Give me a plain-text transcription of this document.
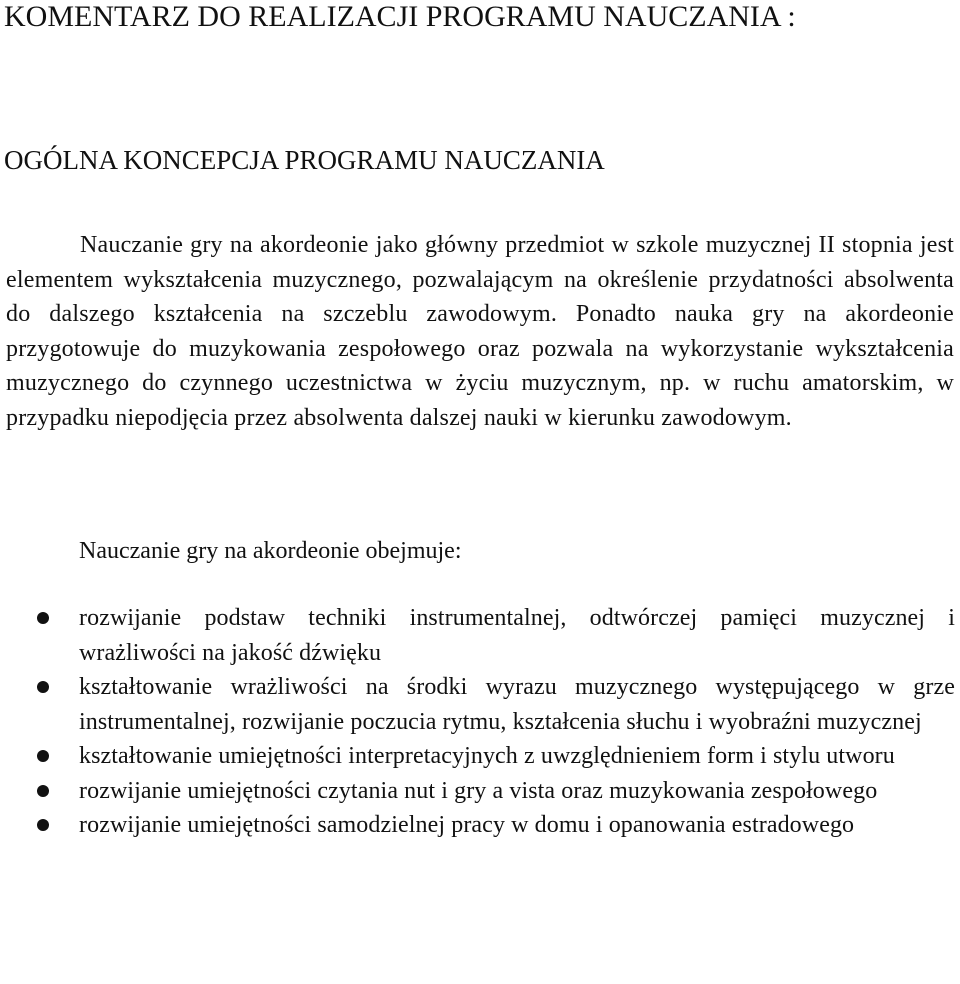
KOMENTARZ DO REALIZACJI PROGRAMU NAUCZANIA :
OGÓLNA KONCEPCJA PROGRAMU NAUCZANIA

Nauczanie gry na akordeonie jako główny przedmiot w szkole muzycznej II stopnia jest elementem wykształcenia muzycznego, pozwalającym na określenie przydatności absolwenta do dalszego kształcenia na szczeblu zawodowym. Ponadto nauka gry na akordeonie przygotowuje do muzykowania zespołowego oraz pozwala na wykorzystanie wykształcenia muzycznego do czynnego uczestnictwa w życiu muzycznym, np. w ruchu amatorskim, w przypadku niepodjęcia przez absolwenta dalszej nauki w kierunku zawodowym.

Nauczanie gry na akordeonie obejmuje:

rozwijanie podstaw techniki instrumentalnej, odtwórczej pamięci muzycznej i wrażliwości na jakość dźwięku
kształtowanie wrażliwości na środki wyrazu muzycznego występującego w grze instrumentalnej, rozwijanie poczucia rytmu, kształcenia słuchu i wyobraźni muzycznej
kształtowanie umiejętności interpretacyjnych z uwzględnieniem form i stylu utworu
rozwijanie umiejętności czytania nut i gry a vista oraz muzykowania zespołowego
rozwijanie umiejętności samodzielnej pracy w domu i opanowania estradowego
